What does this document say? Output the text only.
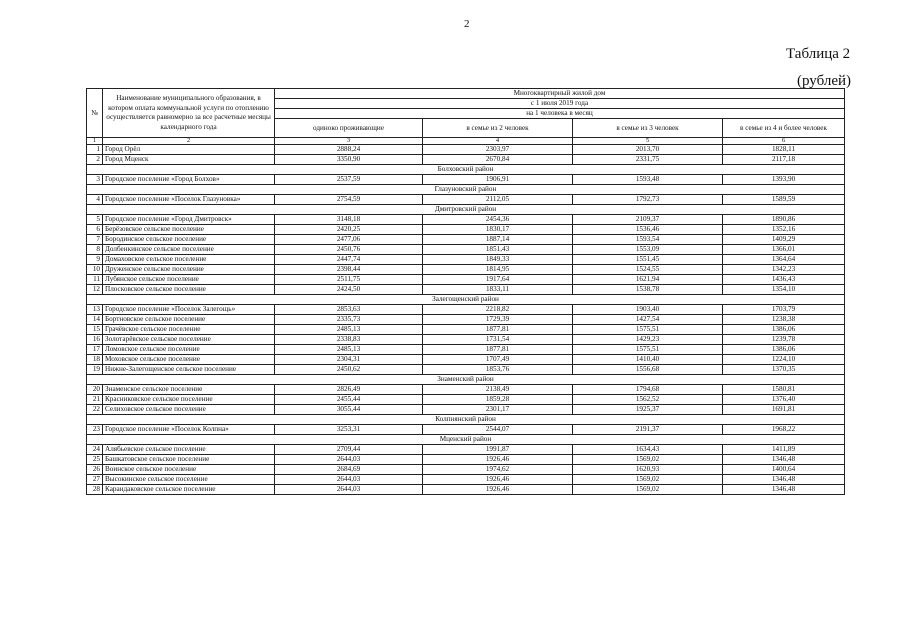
2
Таблица 2
(рублей)
№	Наименование муниципального образования, в котором оплата коммунальной услуги по отоплению осуществляется равномерно за все расчетные месяцы календарного года	Многоквартирный жилой дом			
		с 1 июля 2019 года			
		на 1 человека в месяц			
		одиноко проживающие	в семье из 2 человек	в семье из 3 человек	в семье из 4 и более человек
1	2	3	4	5	6
1	Город Орёл	2888,24	2303,97	2013,70	1828,11
2	Город Мценск	3350,90	2670,84	2331,75	2117,18
Болховский район					
3	Городское поселение «Город Болхов»	2537,59	1906,91	1593,48	1393,90
Глазуновский район					
4	Городское поселение «Поселок Глазуновка»	2754,59	2112,05	1792,73	1589,59
Дмитровский район					
5	Городское поселение «Город Дмитровск»	3148,18	2454,36	2109,37	1890,86
6	Берёзовское сельское поселение	2420,25	1830,17	1536,46	1352,16
7	Бородинское сельское поселение	2477,06	1887,14	1593,54	1409,29
8	Долбенкинское сельское поселение	2450,76	1851,43	1553,09	1366,01
9	Домаховское сельское поселение	2447,74	1849,33	1551,45	1364,64
10	Друженское сельское поселение	2398,44	1814,95	1524,55	1342,23
11	Лубянское сельское поселение	2511,75	1917,64	1621,94	1436,43
12	Плосковское сельское поселение	2424,50	1833,11	1538,78	1354,10
Залегощенский район					
13	Городское поселение «Поселок Залегощь»	2853,63	2218,82	1903,40	1703,79
14	Бортновское сельское поселение	2335,73	1729,39	1427,54	1238,38
15	Грачёвское сельское поселение	2485,13	1877,81	1575,51	1386,06
16	Золотарёвское сельское поселение	2338,83	1731,54	1429,23	1239,78
17	Ломовское сельское поселение	2485,13	1877,81	1575,51	1386,06
18	Моховское сельское поселение	2304,31	1707,49	1410,40	1224,10
19	Нижне-Залегощенское сельское поселение	2450,62	1853,76	1556,68	1370,35
Знаменский район					
20	Знаменское сельское поселение	2826,49	2138,49	1794,68	1580,81
21	Красниковское сельское поселение	2455,44	1859,28	1562,52	1376,40
22	Селиховское сельское поселение	3055,44	2301,17	1925,37	1691,81
Колпнянский район					
23	Городское поселение «Поселок Колпна»	3253,31	2544,07	2191,37	1968,22
Мценский район					
24	Алябьевское сельское поселение	2709,44	1991,87	1634,43	1411,89
25	Башкатовское сельское поселение	2644,03	1926,46	1569,02	1346,48
26	Воинское сельское поселение	2684,69	1974,62	1620,93	1400,64
27	Высокинское сельское поселение	2644,03	1926,46	1569,02	1346,48
28	Карандаковское сельское поселение	2644,03	1926,46	1569,02	1346,48
